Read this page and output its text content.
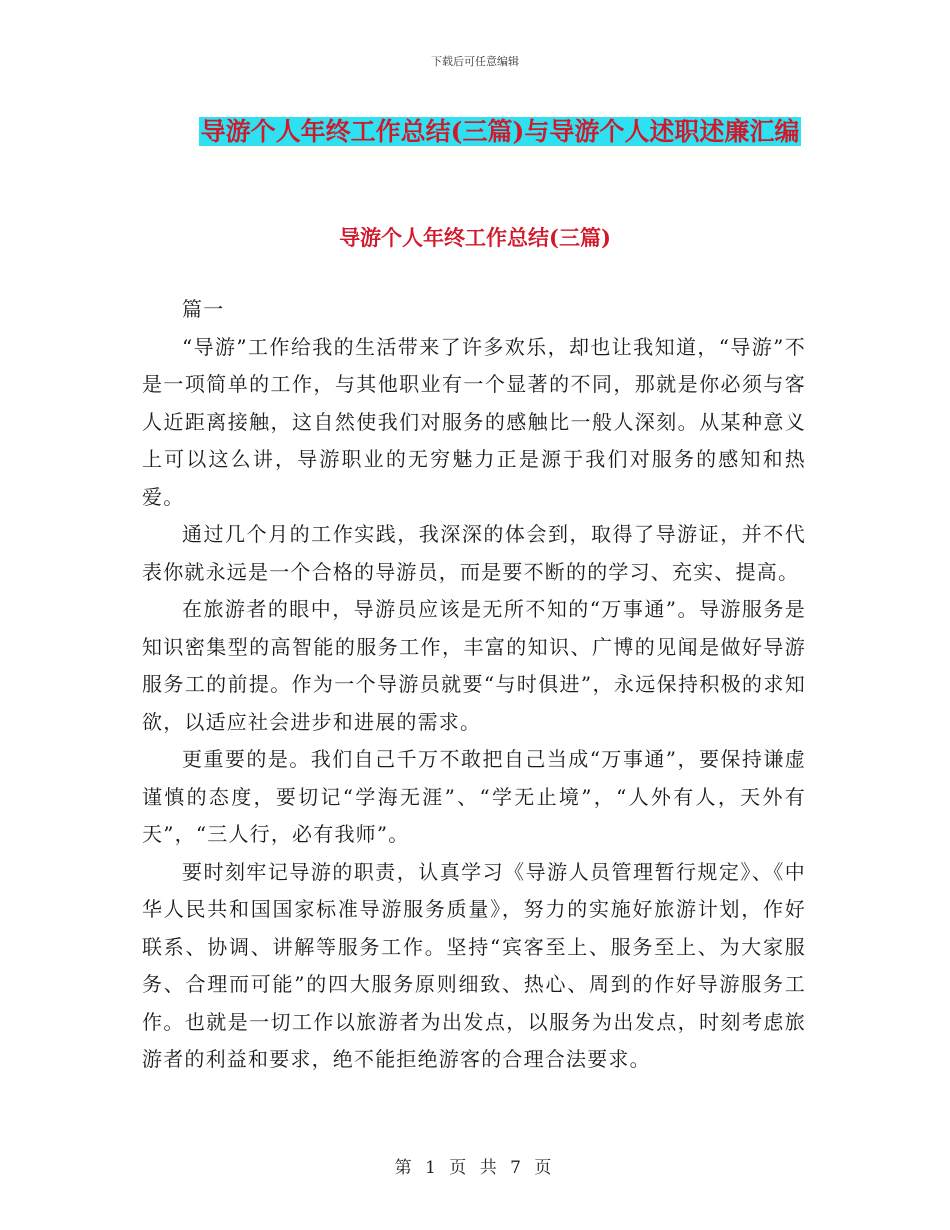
下载后可任意编辑
导游个人年终工作总结(三篇)与导游个人述职述廉汇编
导游个人年终工作总结(三篇)

篇一

“导游”工作给我的生活带来了许多欢乐，却也让我知道，“导游”不是一项简单的工作，与其他职业有一个显著的不同，那就是你必须与客人近距离接触，这自然使我们对服务的感触比一般人深刻。从某种意义上可以这么讲，导游职业的无穷魅力正是源于我们对服务的感知和热爱。

通过几个月的工作实践，我深深的体会到，取得了导游证，并不代表你就永远是一个合格的导游员，而是要不断的的学习、充实、提高。

在旅游者的眼中，导游员应该是无所不知的“万事通”。导游服务是知识密集型的高智能的服务工作，丰富的知识、广博的见闻是做好导游服务工的前提。作为一个导游员就要“与时俱进”，永远保持积极的求知欲，以适应社会进步和进展的需求。

更重要的是。我们自己千万不敢把自己当成“万事通”，要保持谦虚谨慎的态度，要切记“学海无涯”、“学无止境”，“人外有人，天外有天”，“三人行，必有我师”。

要时刻牢记导游的职责，认真学习《导游人员管理暂行规定》、《中华人民共和国国家标准导游服务质量》，努力的实施好旅游计划，作好联系、协调、讲解等服务工作。坚持“宾客至上、服务至上、为大家服务、合理而可能”的四大服务原则细致、热心、周到的作好导游服务工作。也就是一切工作以旅游者为出发点，以服务为出发点，时刻考虑旅游者的利益和要求，绝不能拒绝游客的合理合法要求。

第 1 页 共 7 页
